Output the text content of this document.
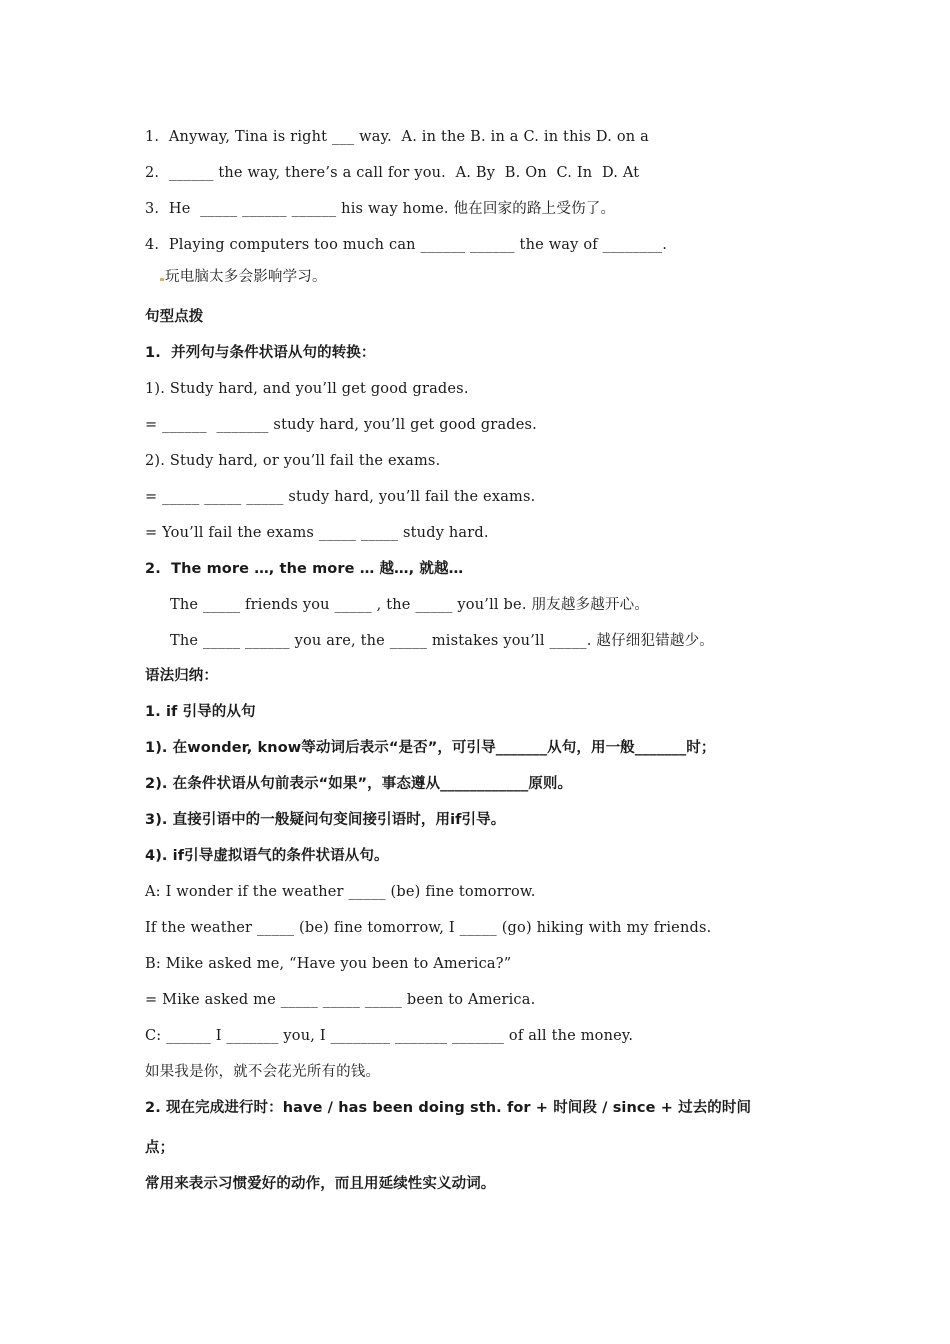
1.  Anyway, Tina is right ___ way.  A. in the B. in a C. in this D. on a
2.  ______ the way, there’s a call for you.  A. By  B. On  C. In  D. At
3.  He  _____ ______ ______ his way home. 他在回家的路上受伤了。
4.  Playing computers too much can ______ ______ the way of ________.
玩电脑太多会影响学习。
句型点拨
1.  并列句与条件状语从句的转换：
1). Study hard, and you’ll get good grades.
= ______  _______ study hard, you’ll get good grades.
2). Study hard, or you’ll fail the exams.
= _____ _____ _____ study hard, you’ll fail the exams.
= You’ll fail the exams _____ _____ study hard.
2.  The more …, the more … 越…, 就越…
The _____ friends you _____ , the _____ you’ll be. 朋友越多越开心。
The _____ ______ you are, the _____ mistakes you’ll _____. 越仔细犯错越少。
语法归纳：
1. if 引导的从句
1). 在wonder, know等动词后表示“是否”，可引导_______从句，用一般_______时；
2). 在条件状语从句前表示“如果”，事态遵从____________原则。
3). 直接引语中的一般疑问句变间接引语时，用if引导。
4). if引导虚拟语气的条件状语从句。
A: I wonder if the weather _____ (be) fine tomorrow.
If the weather _____ (be) fine tomorrow, I _____ (go) hiking with my friends.
B: Mike asked me, “Have you been to America?”
= Mike asked me _____ _____ _____ been to America.
C: ______ I _______ you, I ________ _______ _______ of all the money.
如果我是你，就不会花光所有的钱。
2. 现在完成进行时：have / has been doing sth. for + 时间段 / since + 过去的时间
点；
常用来表示习惯爱好的动作，而且用延续性实义动词。
